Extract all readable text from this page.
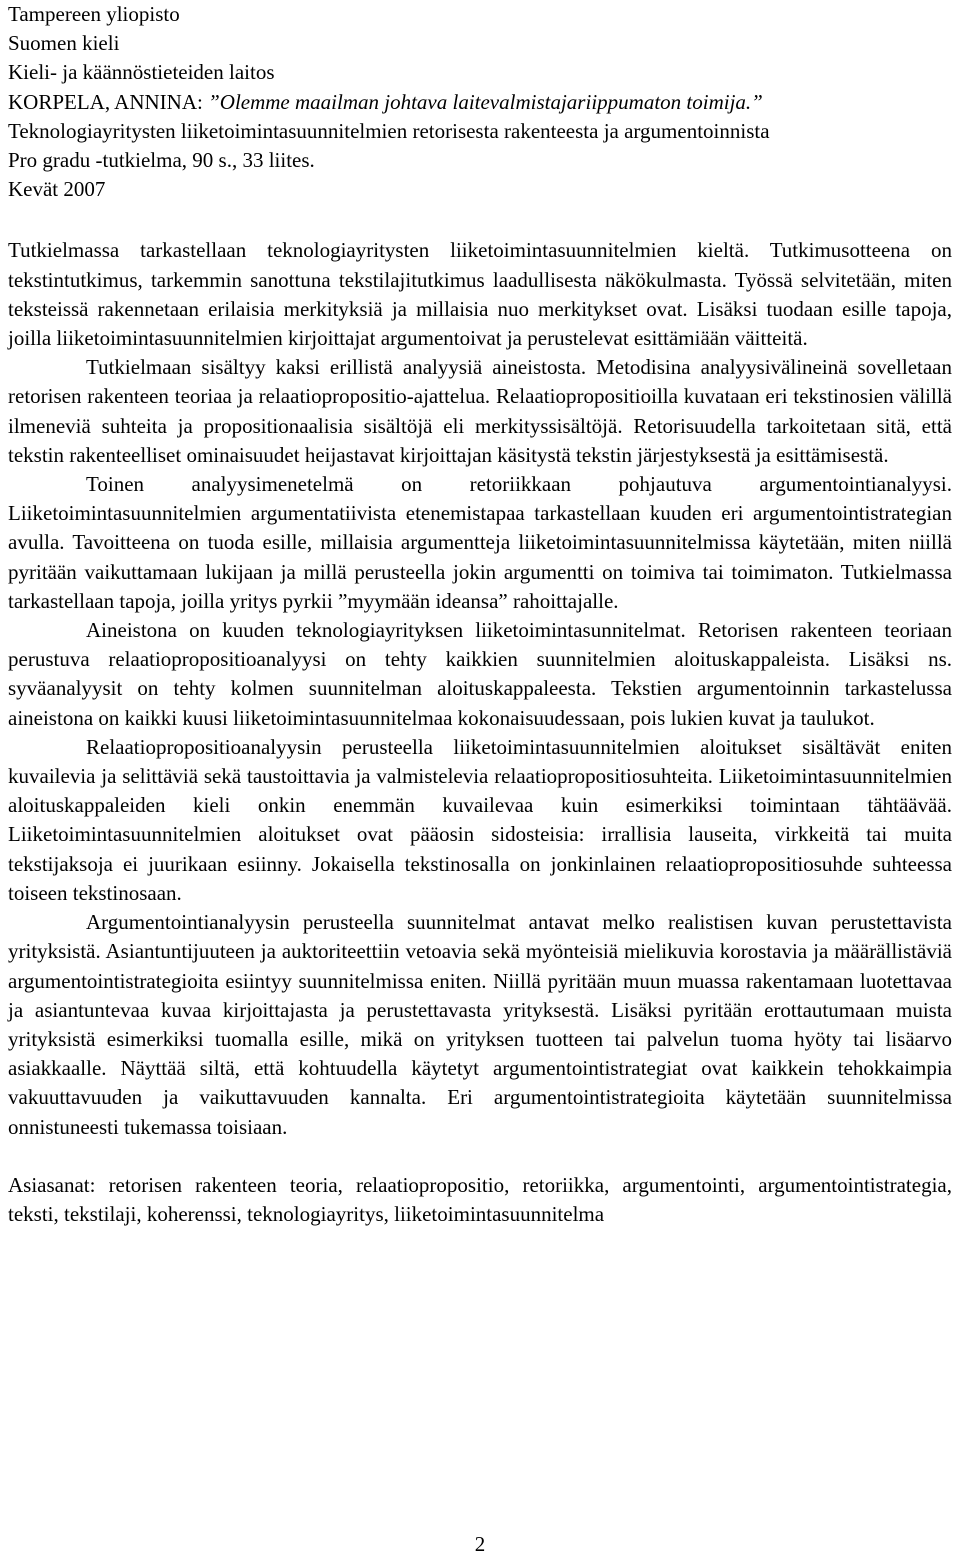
Tampereen yliopisto
Suomen kieli
Kieli- ja käännöstieteiden laitos
KORPELA, ANNINA: ”Olemme maailman johtava laitevalmistajariippumaton toimija.”
Teknologiayritysten liiketoimintasuunnitelmien retorisesta rakenteesta ja argumentoinnista
Pro gradu -tutkielma, 90 s., 33 liites.
Kevät 2007

Tutkielmassa tarkastellaan teknologiayritysten liiketoimintasuunnitelmien kieltä. Tutkimusotteena on tekstintutkimus, tarkemmin sanottuna tekstilajitutkimus laadullisesta näkökulmasta. Työssä selvitetään, miten teksteissä rakennetaan erilaisia merkityksiä ja millaisia nuo merkitykset ovat. Lisäksi tuodaan esille tapoja, joilla liiketoimintasuunnitelmien kirjoittajat argumentoivat ja perustelevat esittämiään väitteitä.

Tutkielmaan sisältyy kaksi erillistä analyysiä aineistosta. Metodisina analyysivälineinä sovelletaan retorisen rakenteen teoriaa ja relaatiopropositio-ajattelua. Relaatiopropositioilla kuvataan eri tekstinosien välillä ilmeneviä suhteita ja propositionaalisia sisältöjä eli merkityssisältöjä. Retorisuudella tarkoitetaan sitä, että tekstin rakenteelliset ominaisuudet heijastavat kirjoittajan käsitystä tekstin järjestyksestä ja esittämisestä.

Toinen analyysimenetelmä on retoriikkaan pohjautuva argumentointianalyysi. Liiketoimintasuunnitelmien argumentatiivista etenemistapaa tarkastellaan kuuden eri argumentointistrategian avulla. Tavoitteena on tuoda esille, millaisia argumentteja liiketoimintasuunnitelmissa käytetään, miten niillä pyritään vaikuttamaan lukijaan ja millä perusteella jokin argumentti on toimiva tai toimimaton. Tutkielmassa tarkastellaan tapoja, joilla yritys pyrkii ”myymään ideansa” rahoittajalle.

Aineistona on kuuden teknologiayrityksen liiketoimintasunnitelmat. Retorisen rakenteen teoriaan perustuva relaatiopropositioanalyysi on tehty kaikkien suunnitelmien aloituskappaleista. Lisäksi ns. syväanalyysit on tehty kolmen suunnitelman aloituskappaleesta. Tekstien argumentoinnin tarkastelussa aineistona on kaikki kuusi liiketoimintasuunnitelmaa kokonaisuudessaan, pois lukien kuvat ja taulukot.

Relaatiopropositioanalyysin perusteella liiketoimintasuunnitelmien aloitukset sisältävät eniten kuvailevia ja selittäviä sekä taustoittavia ja valmistelevia relaatiopropositiosuhteita. Liiketoimintasuunnitelmien aloituskappaleiden kieli onkin enemmän kuvailevaa kuin esimerkiksi toimintaan tähtäävää. Liiketoimintasuunnitelmien aloitukset ovat pääosin sidosteisia: irrallisia lauseita, virkkeitä tai muita tekstijaksoja ei juurikaan esiinny. Jokaisella tekstinosalla on jonkinlainen relaatiopropositiosuhde suhteessa toiseen tekstinosaan.

Argumentointianalyysin perusteella suunnitelmat antavat melko realistisen kuvan perustettavista yrityksistä. Asiantuntijuuteen ja auktoriteettiin vetoavia sekä myönteisiä mielikuvia korostavia ja määrällistäviä argumentointistrategioita esiintyy suunnitelmissa eniten. Niillä pyritään muun muassa rakentamaan luotettavaa ja asiantuntevaa kuvaa kirjoittajasta ja perustettavasta yrityksestä. Lisäksi pyritään erottautumaan muista yrityksistä esimerkiksi tuomalla esille, mikä on yrityksen tuotteen tai palvelun tuoma hyöty tai lisäarvo asiakkaalle. Näyttää siltä, että kohtuudella käytetyt argumentointistrategiat ovat kaikkein tehokkaimpia vakuuttavuuden ja vaikuttavuuden kannalta. Eri argumentointistrategioita käytetään suunnitelmissa onnistuneesti tukemassa toisiaan.

Asiasanat: retorisen rakenteen teoria, relaatiopropositio, retoriikka, argumentointi, argumentointistrategia, teksti, tekstilaji, koherenssi, teknologiayritys, liiketoimintasuunnitelma

2
